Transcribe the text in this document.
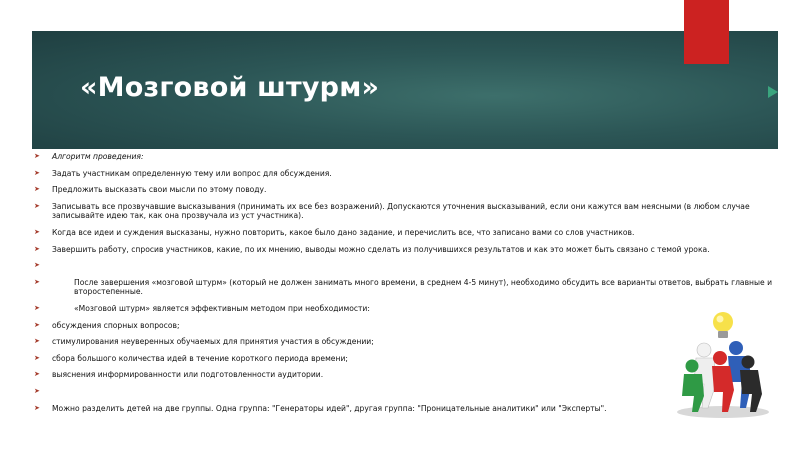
«Мозговой штурм»
➤ Алгоритм проведения:
➤ Задать участникам определенную тему или вопрос для обсуждения.
➤ Предложить высказать свои мысли по этому поводу.
➤ Записывать все прозвучавшие высказывания (принимать их все без возражений). Допускаются уточнения высказываний, если они кажутся вам неясными (в любом случае записывайте идею так, как она прозвучала из уст участника).
➤ Когда все идеи и суждения высказаны, нужно повторить, какое было дано задание, и перечислить все, что записано вами со слов участников.
➤ Завершить работу, спросив участников, какие, по их мнению, выводы можно сделать из получившихся результатов и как это может быть связано с темой урока.
➤
➤	После завершения «мозговой штурм» (который не должен занимать много времени, в среднем 4-5 минут), необходимо обсудить все варианты ответов, выбрать главные и второстепенные.
➤	«Мозговой штурм» является эффективным методом при необходимости:
➤ обсуждения спорных вопросов;
➤ стимулирования неуверенных обучаемых для принятия участия в обсуждении;
➤ сбора большого количества идей в течение короткого периода времени;
➤ выяснения информированности или подготовленности аудитории.
➤
➤ Можно разделить детей на две группы. Одна группа: "Генераторы идей", другая группа: "Проницательные аналитики" или "Эксперты".
